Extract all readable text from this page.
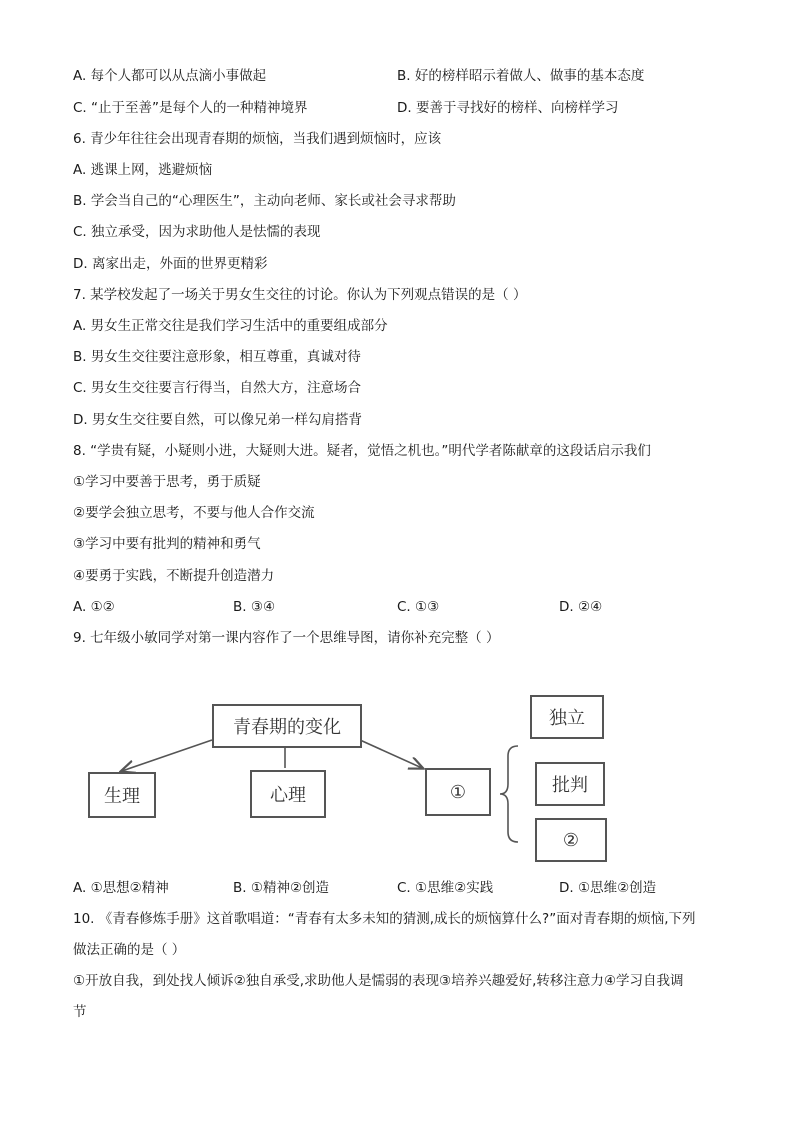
A. 每个人都可以从点滴小事做起	B. 好的榜样昭示着做人、做事的基本态度
C. “止于至善”是每个人的一种精神境界	D. 要善于寻找好的榜样、向榜样学习
6. 青少年往往会出现青春期的烦恼，当我们遇到烦恼时，应该
A. 逃课上网，逃避烦恼
B. 学会当自己的“心理医生”，主动向老师、家长或社会寻求帮助
C. 独立承受，因为求助他人是怯懦的表现
D. 离家出走，外面的世界更精彩
7. 某学校发起了一场关于男女生交往的讨论。你认为下列观点错误的是（ ）
A. 男女生正常交往是我们学习生活中的重要组成部分
B. 男女生交往要注意形象，相互尊重，真诚对待
C. 男女生交往要言行得当，自然大方，注意场合
D. 男女生交往要自然，可以像兄弟一样勾肩搭背
8. “学贵有疑，小疑则小进，大疑则大进。疑者，觉悟之机也。”明代学者陈献章的这段话启示我们
①学习中要善于思考，勇于质疑
②要学会独立思考，不要与他人合作交流
③学习中要有批判的精神和勇气
④要勇于实践，不断提升创造潜力
A. ①②	B. ③④	C. ①③	D. ②④
9. 七年级小敏同学对第一课内容作了一个思维导图，请你补充完整（ ）
青春期的变化
生理	心理	①
独立
批判
②
A. ①思想②精神	B. ①精神②创造	C. ①思维②实践	D. ①思维②创造
10. 《青春修炼手册》这首歌唱道：“青春有太多未知的猜测,成长的烦恼算什么?”面对青春期的烦恼,下列
做法正确的是（ ）
①开放自我，到处找人倾诉②独自承受,求助他人是懦弱的表现③培养兴趣爱好,转移注意力④学习自我调
节
